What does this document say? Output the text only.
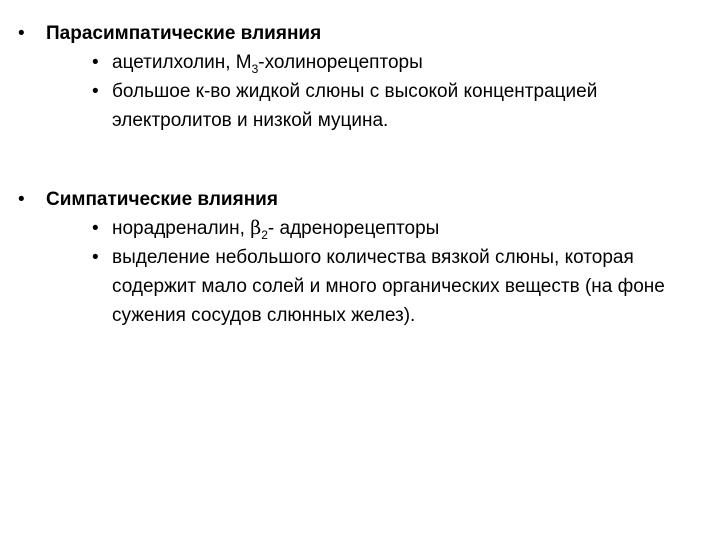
•	Парасимпатические влияния
• ацетилхолин, $М_3$-холинорецепторы
• большое к-во жидкой слюны с высокой концентрацией электролитов и низкой муцина.
•	Симпатические влияния
• норадреналин, $\beta_2-$ адренорецепторы
• выделение небольшого количества вязкой слюны, которая содержит мало солей и много органических веществ (на фоне сужения сосудов слюнных желез).
